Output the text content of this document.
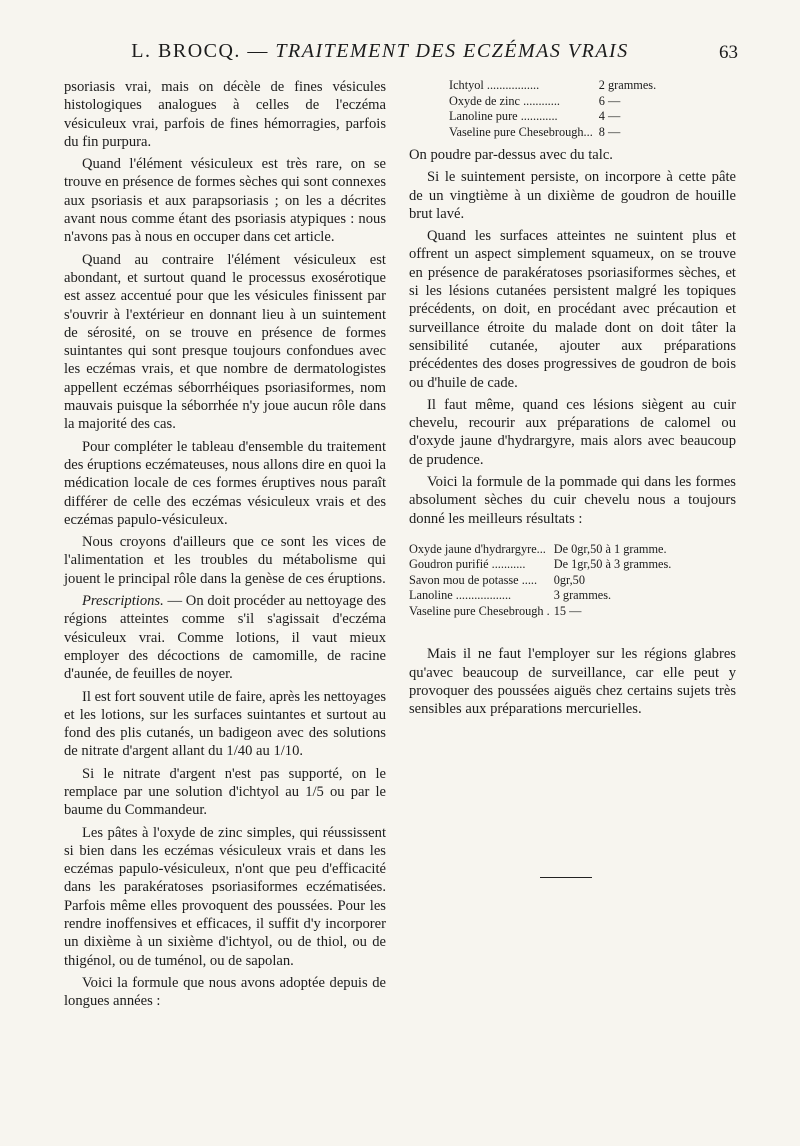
L. BROCQ. — TRAITEMENT DES ECZÉMAS VRAIS	63

psoriasis vrai, mais on décèle de fines vésicules histologiques analogues à celles de l'eczéma vésiculeux vrai, parfois de fines hémorragies, parfois du fin purpura.

Quand l'élément vésiculeux est très rare, on se trouve en présence de formes sèches qui sont connexes aux psoriasis et aux parapsoriasis ; on les a décrites avant nous comme étant des psoriasis atypiques : nous n'avons pas à nous en occuper dans cet article.

Quand au contraire l'élément vésiculeux est abondant, et surtout quand le processus exosérotique est assez accentué pour que les vésicules finissent par s'ouvrir à l'extérieur en donnant lieu à un suintement de sérosité, on se trouve en présence de formes suintantes qui sont presque toujours confondues avec les eczémas vrais, et que nombre de dermatologistes appellent eczémas séborrhéiques psoriasiformes, nom mauvais puisque la séborrhée n'y joue aucun rôle dans la majorité des cas.

Pour compléter le tableau d'ensemble du traitement des éruptions eczémateuses, nous allons dire en quoi la médication locale de ces formes éruptives nous paraît différer de celle des eczémas vésiculeux vrais et des eczémas papulo-vésiculeux.

Nous croyons d'ailleurs que ce sont les vices de l'alimentation et les troubles du métabolisme qui jouent le principal rôle dans la genèse de ces éruptions.

Prescriptions. — On doit procéder au nettoyage des régions atteintes comme s'il s'agissait d'eczéma vésiculeux vrai. Comme lotions, il vaut mieux employer des décoctions de camomille, de racine d'aunée, de feuilles de noyer.

Il est fort souvent utile de faire, après les nettoyages et les lotions, sur les surfaces suintantes et surtout au fond des plis cutanés, un badigeon avec des solutions de nitrate d'argent allant du 1/40 au 1/10.

Si le nitrate d'argent n'est pas supporté, on le remplace par une solution d'ichtyol au 1/5 ou par le baume du Commandeur.

Les pâtes à l'oxyde de zinc simples, qui réussissent si bien dans les eczémas vésiculeux vrais et dans les eczémas papulo-vésiculeux, n'ont que peu d'efficacité dans les parakératoses psoriasiformes eczématisées. Parfois même elles provoquent des poussées. Pour les rendre inoffensives et efficaces, il suffit d'y incorporer un dixième à un sixième d'ichtyol, ou de thiol, ou de thigénol, ou de tuménol, ou de sapolan.

Voici la formule que nous avons adoptée depuis de longues années :

Ichtyol .................	2 grammes.
Oxyde de zinc ............	6 —
Lanoline pure ............	4 —
Vaseline pure Chesebrough...	8 —

On poudre par-dessus avec du talc.

Si le suintement persiste, on incorpore à cette pâte de un vingtième à un dixième de goudron de houille brut lavé.

Quand les surfaces atteintes ne suintent plus et offrent un aspect simplement squameux, on se trouve en présence de parakératoses psoriasiformes sèches, et si les lésions cutanées persistent malgré les topiques précédents, on doit, en procédant avec précaution et surveillance étroite du malade dont on doit tâter la sensibilité cutanée, ajouter aux préparations précédentes des doses progressives de goudron de bois ou d'huile de cade.

Il faut même, quand ces lésions siègent au cuir chevelu, recourir aux préparations de calomel ou d'oxyde jaune d'hydrargyre, mais alors avec beaucoup de prudence.

Voici la formule de la pommade qui dans les formes absolument sèches du cuir chevelu nous a toujours donné les meilleurs résultats :

Oxyde jaune d'hydrargyre...	De 0gr,50 à 1 gramme.
Goudron purifié ...........	De 1gr,50 à 3 grammes.
Savon mou de potasse .....	0gr,50
Lanoline ..................	3 grammes.
Vaseline pure Chesebrough .	15 —

Mais il ne faut l'employer sur les régions glabres qu'avec beaucoup de surveillance, car elle peut y provoquer des poussées aiguës chez certains sujets très sensibles aux préparations mercurielles.
